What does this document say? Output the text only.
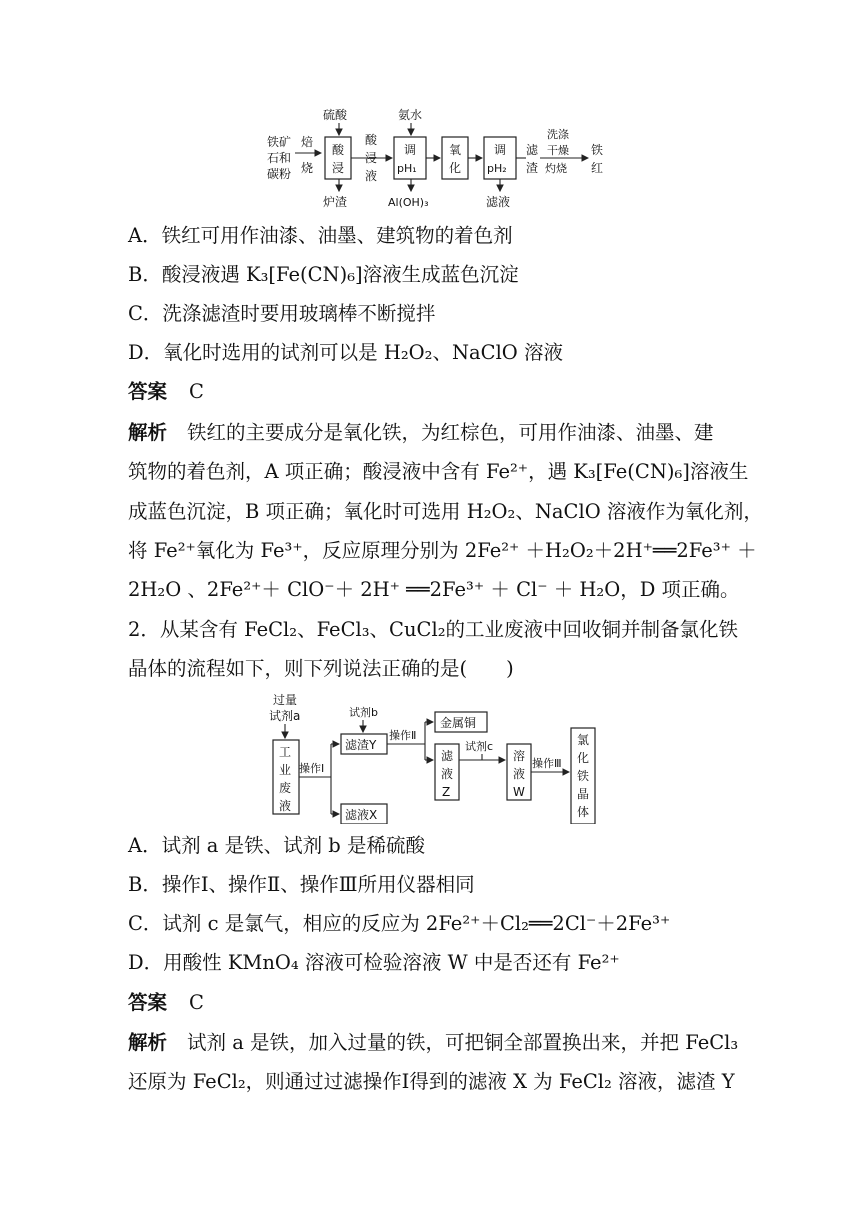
铁矿
石和
碳粉
焙
烧
硫酸
酸
浸
炉渣
酸
浸
液
氨水
调
pH₁
Al(OH)₃
氧
化
调
pH₂
滤液
滤
渣
洗涤
干燥
灼烧
铁
红
A．铁红可用作油漆、油墨、建筑物的着色剂
B．酸浸液遇 K₃[Fe(CN)₆]溶液生成蓝色沉淀
C．洗涤滤渣时要用玻璃棒不断搅拌
D．氧化时选用的试剂可以是 H₂O₂、NaClO 溶液
答案 C
解析 铁红的主要成分是氧化铁，为红棕色，可用作油漆、油墨、建
筑物的着色剂，A 项正确；酸浸液中含有 Fe²⁺，遇 K₃[Fe(CN)₆]溶液生
成蓝色沉淀，B 项正确；氧化时可选用 H₂O₂、NaClO 溶液作为氧化剂，
将 Fe²⁺氧化为 Fe³⁺，反应原理分别为 2Fe²⁺ ＋H₂O₂＋2H⁺══2Fe³⁺ ＋
2H₂O 、2Fe²⁺＋ ClO⁻＋ 2H⁺ ══2Fe³⁺ ＋ Cl⁻ ＋ H₂O，D 项正确。
2．从某含有 FeCl₂、FeCl₃、CuCl₂的工业废液中回收铜并制备氯化铁
晶体的流程如下，则下列说法正确的是(　　)
过量
试剂a
工
业
废
液
操作Ⅰ
试剂b
滤渣Y
滤液X
操作Ⅱ
金属铜
滤
液
Z
试剂c
溶
液
W
操作Ⅲ
氯
化
铁
晶
体
A．试剂 a 是铁、试剂 b 是稀硫酸
B．操作Ⅰ、操作Ⅱ、操作Ⅲ所用仪器相同
C．试剂 c 是氯气，相应的反应为 2Fe²⁺＋Cl₂══2Cl⁻＋2Fe³⁺
D．用酸性 KMnO₄ 溶液可检验溶液 W 中是否还有 Fe²⁺
答案 C
解析 试剂 a 是铁，加入过量的铁，可把铜全部置换出来，并把 FeCl₃
还原为 FeCl₂，则通过过滤操作Ⅰ得到的滤液 X 为 FeCl₂ 溶液，滤渣 Y
